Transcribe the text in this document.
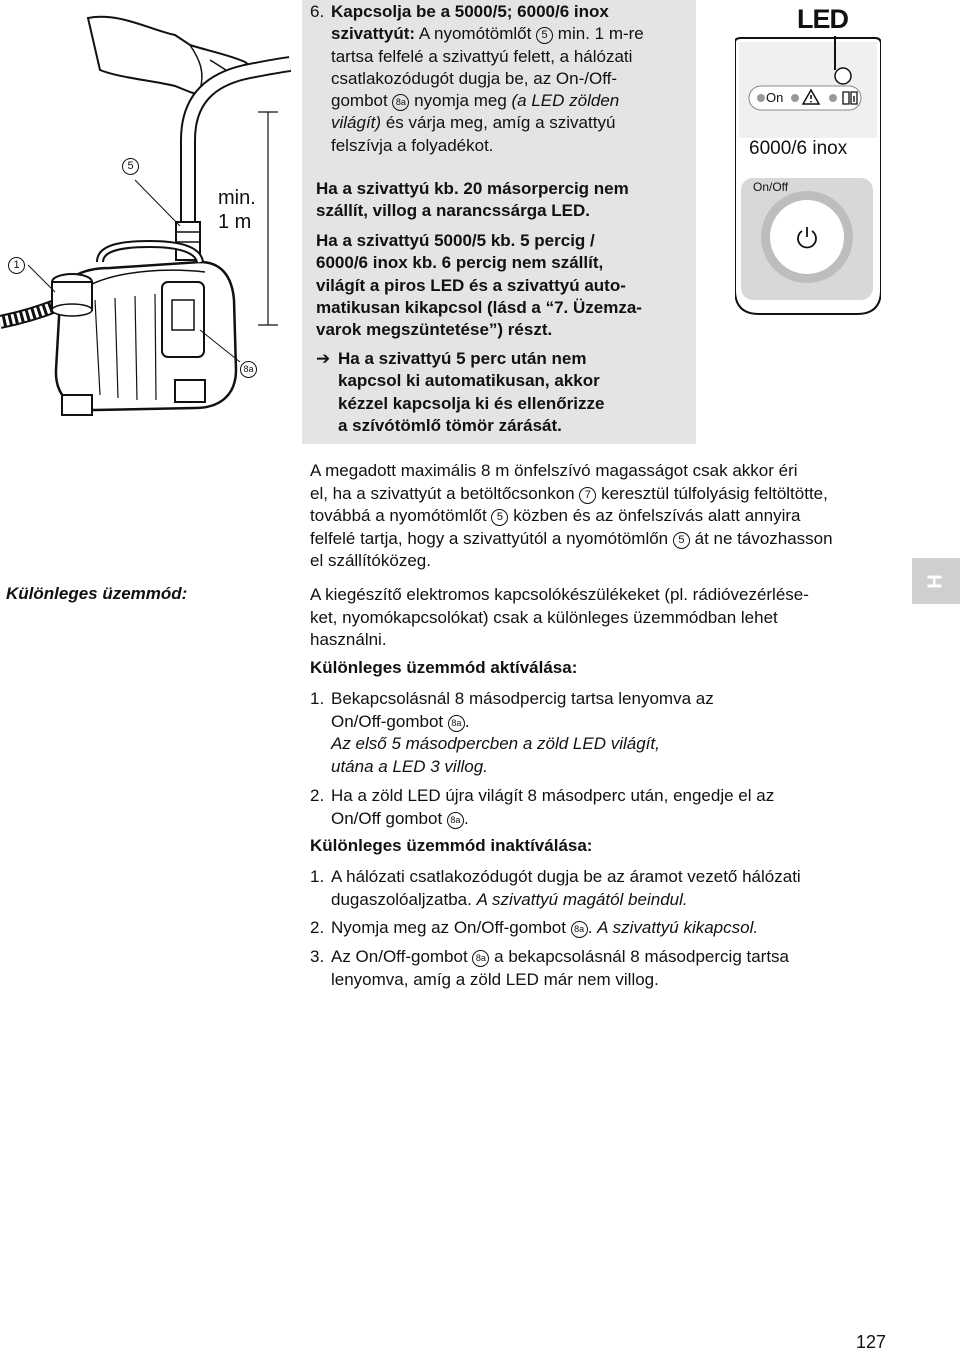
1
5
8a
min.
1 m
6. Kapcsolja be a 5000/5; 6000/6 inox szivattyút: A nyomótömlőt 5 min. 1 m-re
tartsa felfelé a szivattyú felett, a hálózati
csatlakozódugót dugja be, az On-/Off-
gombot 8a nyomja meg (a LED zölden
világít) és várja meg, amíg a szivattyú
felszívja a folyadékot.
Ha a szivattyú kb. 20 másorpercig nem
szállít, villog a narancssárga LED.
Ha a szivattyú 5000/5 kb. 5 percig /
6000/6 inox kb. 6 percig nem szállít,
világít a piros LED és a szivattyú auto-
matikusan kikapcsol (lásd a “7. Üzemza-
varok megszüntetése”) részt.
➔ Ha a szivattyú 5 perc után nem
kapcsol ki automatikusan, akkor
kézzel kapcsolja ki és ellenőrizze
a szívótömlő tömör zárását.
LED
On
6000/6 inox
On/Off
A megadott maximális 8 m önfelszívó magasságot csak akkor éri
el, ha a szivattyút a betöltőcsonkon 7 keresztül túlfolyásig feltöltötte,
továbbá a nyomótömlőt 5 közben és az önfelszívás alatt annyira
felfelé tartja, hogy a szivattyútól a nyomótömlőn 5 át ne távozhasson
el szállítóközeg.
Különleges üzemmód:	A kiegészítő elektromos kapcsolókészülékeket (pl. rádióvezérlése-
ket, nyomókapcsolókat) csak a különleges üzemmódban lehet
használni.
Különleges üzemmód aktíválása:
1. Bekapcsolásnál 8 másodpercig tartsa lenyomva az
On/Off-gombot 8a .
Az első 5 másodpercben a zöld LED világít,
utána a LED 3 villog.
2. Ha a zöld LED újra világít 8 másodperc után, engedje el az
On/Off gombot 8a .
Különleges üzemmód inaktíválása:
1. A hálózati csatlakozódugót dugja be az áramot vezető hálózati
dugaszolóaljzatba. A szivattyú magától beindul.
2. Nyomja meg az On/Off-gombot 8a . A szivattyú kikapcsol.
3. Az On/Off-gombot 8a a bekapcsolásnál 8 másodpercig tartsa
lenyomva, amíg a zöld LED már nem villog.
H
127
